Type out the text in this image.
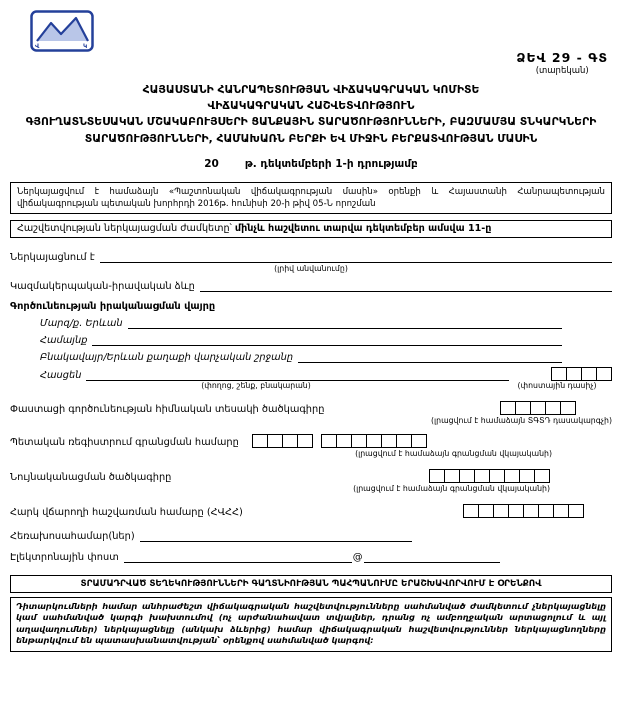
Վ	Կ
ՁԵՎ 29 - ԳՏ
(տարեկան)
ՀԱՅԱՍՏԱՆԻ ՀԱՆՐԱՊԵՏՈՒԹՅԱՆ ՎԻՃԱԿԱԳՐԱԿԱՆ ԿՈՄԻՏԵ
ՎԻՃԱԿԱԳՐԱԿԱՆ ՀԱՇՎԵՏՎՈՒԹՅՈՒՆ
ԳՅՈՒՂԱՏՆՏԵՍԱԿԱՆ ՄՇԱԿԱԲՈՒՅՍԵՐԻ ՑԱՆՔԱՅԻՆ ՏԱՐԱԾՈՒԹՅՈՒՆՆԵՐԻ, ԲԱԶՄԱՄՅԱ ՏՆԿԱՐԿՆԵՐԻ ՏԱՐԱԾՈՒԹՅՈՒՆՆԵՐԻ, ՀԱՄԱԽԱՌՆ ԲԵՐՔԻ ԵՎ ՄԻՋԻՆ ԲԵՐՔԱՏՎՈՒԹՅԱՆ ՄԱՍԻՆ
20 թ. դեկտեմբերի 1-ի դրությամբ
Ներկայացվում է համաձայն «Պաշտոնական վիճակագրության մասին» օրենքի և Հայաստանի Հանրապետության վիճակագրության պետական խորհրդի 2016թ. հունիսի 20-ի թիվ 05-Ն որոշման
Հաշվետվության ներկայացման ժամկետը՝ մինչև հաշվետու տարվա դեկտեմբեր ամսվա 11-ը
Ներկայացնում է
(լրիվ անվանումը)
Կազմակերպական-իրավական ձևը
Գործունեության իրականացման վայրը
Մարզ/ք. Երևան
Համայնք
Բնակավայր/Երևան քաղաքի վարչական շրջանը
Հասցեն
(փողոց, շենք, բնակարան)	(փոստային դասիչ)
Փաստացի գործունեության հիմնական տեսակի ծածկագիրը
(լրացվում է համաձայն ՏԳՏԴ դասակարգչի)
Պետական ռեգիստրում գրանցման համարը
(լրացվում է համաձայն գրանցման վկայականի)
Նույնականացման ծածկագիրը
(լրացվում է համաձայն գրանցման վկայականի)
Հարկ վճարողի հաշվառման համարը (ՀՎՀՀ)
Հեռախոսահամար(ներ)
Էլեկտրոնային փոստ	@
ՏՐԱՄԱԴՐՎԱԾ ՏԵՂԵԿՈՒԹՅՈՒՆՆԵՐԻ ԳԱՂՏՆԻՈՒԹՅԱՆ ՊԱՀՊԱՆՈՒՄԸ ԵՐԱՇԽԱՎՈՐՎՈՒՄ Է ՕՐԵՆՔՈՎ
Դիտարկումների համար անհրաժեշտ վիճակագրական հաշվետվությունները սահմանված ժամկետում չներկայացնելը կամ սահմանված կարգի խախտումով (ոչ արժանահավատ տվյալներ, դրանց ոչ ամբողջական արտացոլում և այլ աղավաղումներ) ներկայացնելը (անկախ ձևերից) համար վիճակագրական հաշվետվություններ ներկայացնողները ենթարկվում են պատասխանատվության՝ օրենքով սահմանված կարգով։
